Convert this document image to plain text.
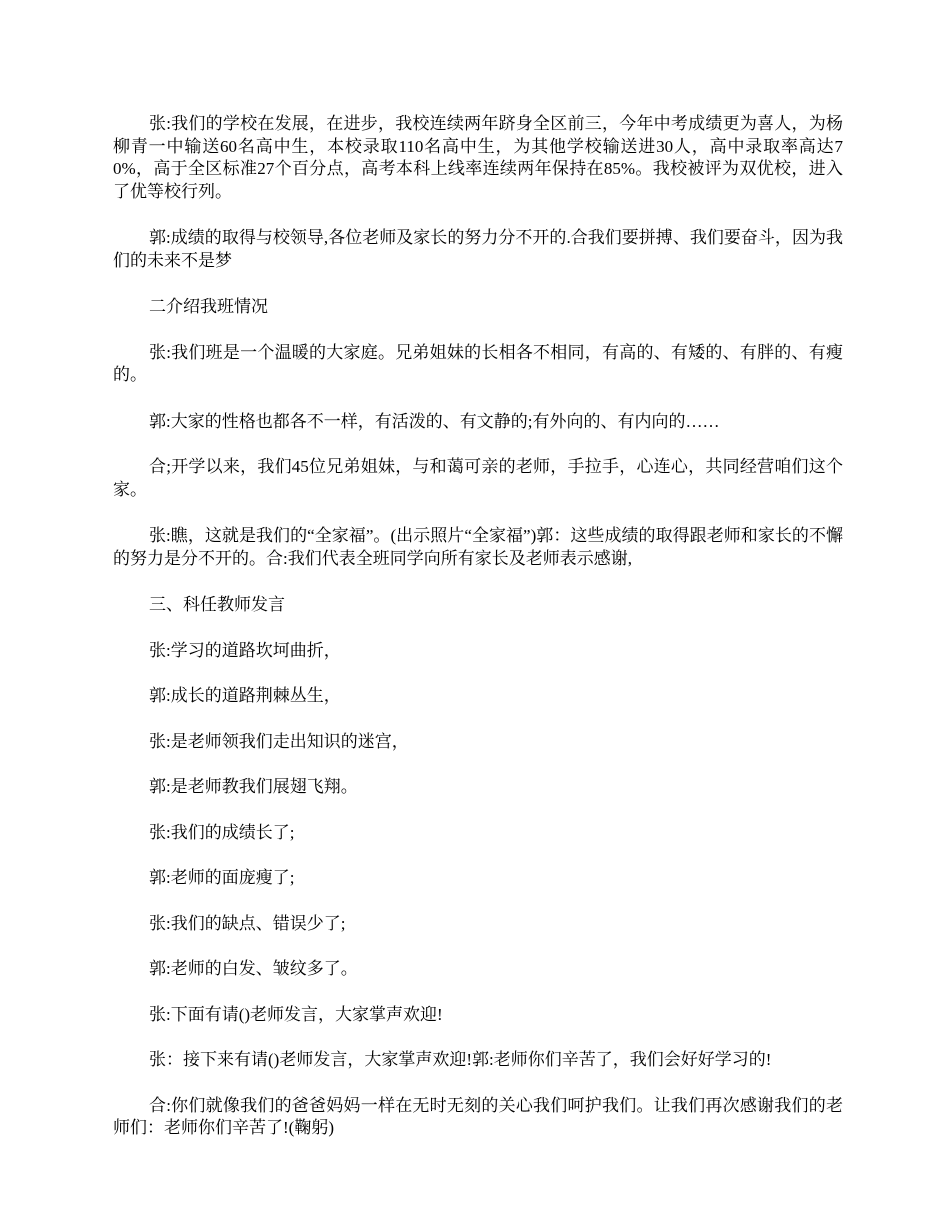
张:我们的学校在发展，在进步，我校连续两年跻身全区前三，今年中考成绩更为喜人，为杨柳青一中输送60名高中生，本校录取110名高中生，为其他学校输送进30人，高中录取率高达70%，高于全区标准27个百分点，高考本科上线率连续两年保持在85%。我校被评为双优校，进入了优等校行列。

郭:成绩的取得与校领导,各位老师及家长的努力分不开的.合我们要拼搏、我们要奋斗，因为我们的未来不是梦

二介绍我班情况

张:我们班是一个温暖的大家庭。兄弟姐妹的长相各不相同，有高的、有矮的、有胖的、有瘦的。

郭:大家的性格也都各不一样，有活泼的、有文静的;有外向的、有内向的……

合;开学以来，我们45位兄弟姐妹，与和蔼可亲的老师，手拉手，心连心，共同经营咱们这个家。

张:瞧，这就是我们的“全家福”。(出示照片“全家福”)郭：这些成绩的取得跟老师和家长的不懈的努力是分不开的。合:我们代表全班同学向所有家长及老师表示感谢,

三、科任教师发言

张:学习的道路坎坷曲折，

郭:成长的道路荆棘丛生，

张:是老师领我们走出知识的迷宫，

郭:是老师教我们展翅飞翔。

张:我们的成绩长了;

郭:老师的面庞瘦了;

张:我们的缺点、错误少了;

郭:老师的白发、皱纹多了。

张:下面有请()老师发言，大家掌声欢迎!

张：接下来有请()老师发言，大家掌声欢迎!郭:老师你们辛苦了，我们会好好学习的!

合:你们就像我们的爸爸妈妈一样在无时无刻的关心我们呵护我们。让我们再次感谢我们的老师们：老师你们辛苦了!(鞠躬)
